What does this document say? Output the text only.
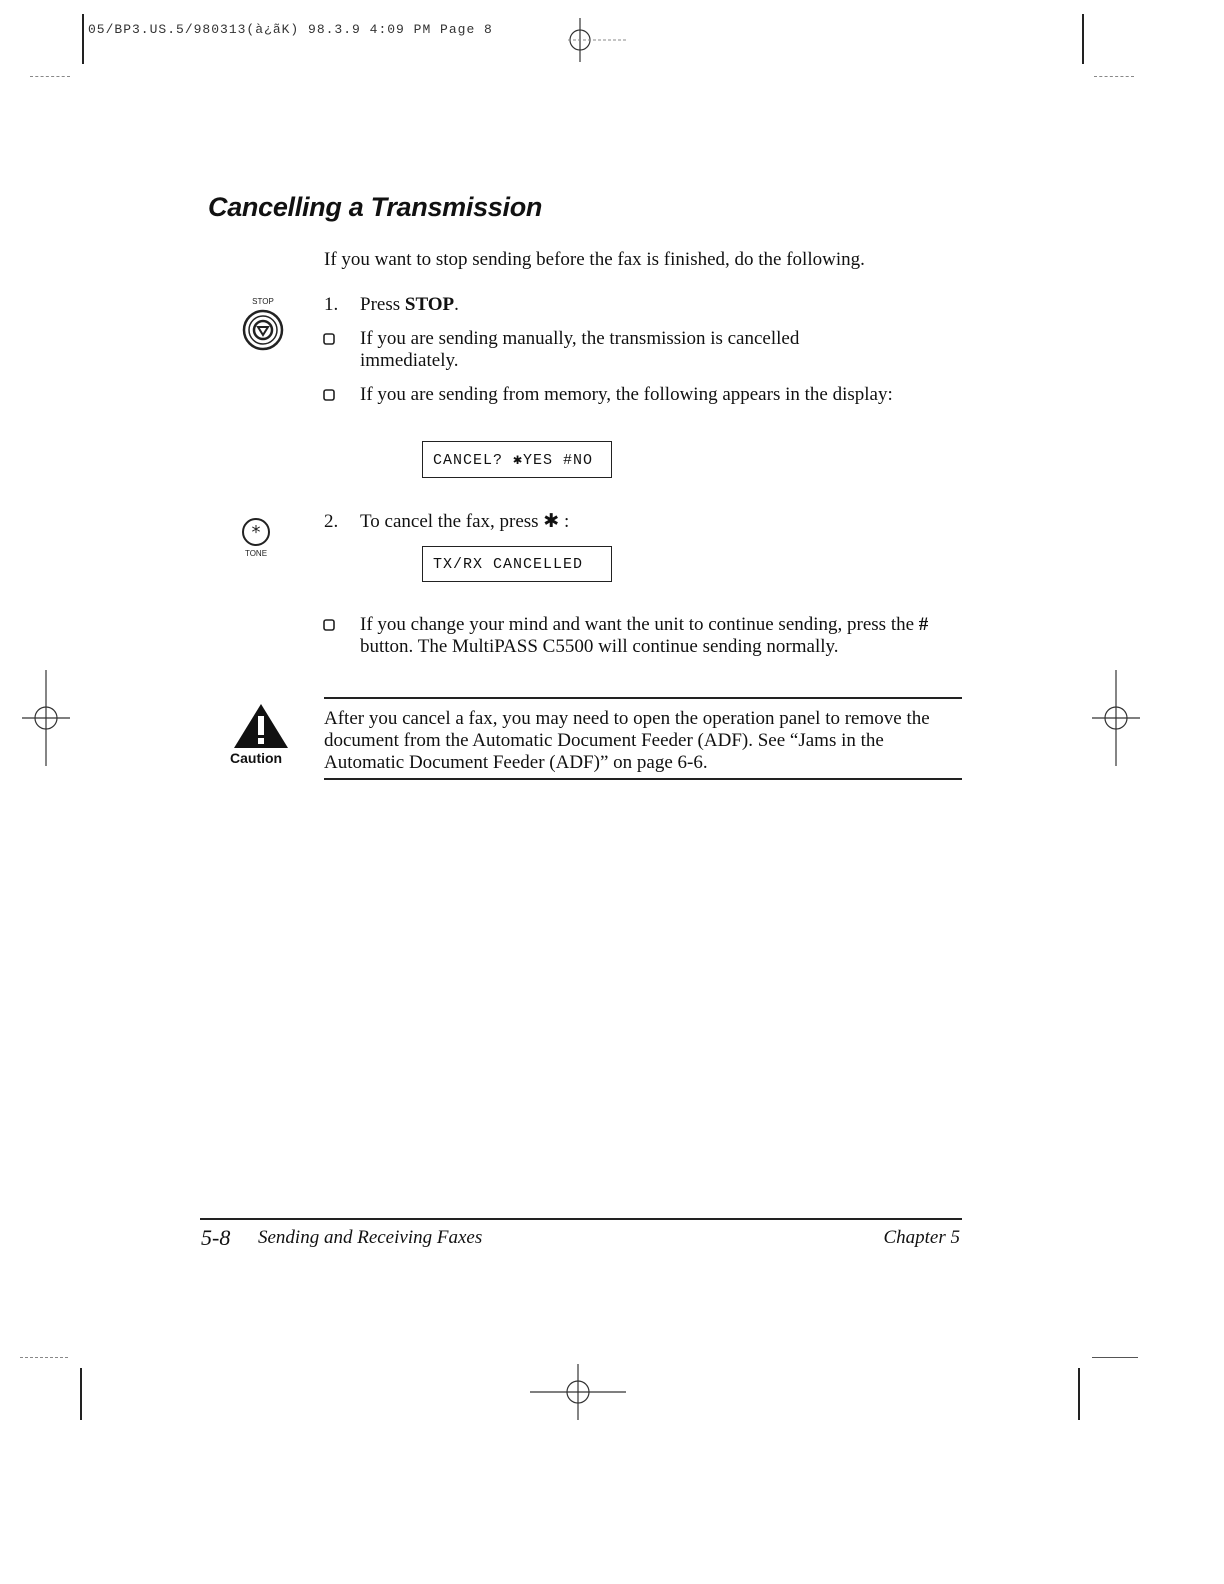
05/BP3.US.5/980313(à¿ãK) 98.3.9 4:09 PM Page 8
Cancelling a Transmission
If you want to stop sending before the fax is finished, do the following.
STOP	1. Press STOP.
If you are sending manually, the transmission is cancelled immediately.
If you are sending from memory, the following appears in the display:
CANCEL? ✱YES #NO
*
TONE
2. To cancel the fax, press ✱ :
TX/RX CANCELLED
If you change your mind and want the unit to continue sending, press the # button. The MultiPASS C5500 will continue sending normally.
Caution
After you cancel a fax, you may need to open the operation panel to remove the document from the Automatic Document Feeder (ADF). See “Jams in the Automatic Document Feeder (ADF)” on page 6-6.
5-8 Sending and Receiving Faxes	Chapter 5
